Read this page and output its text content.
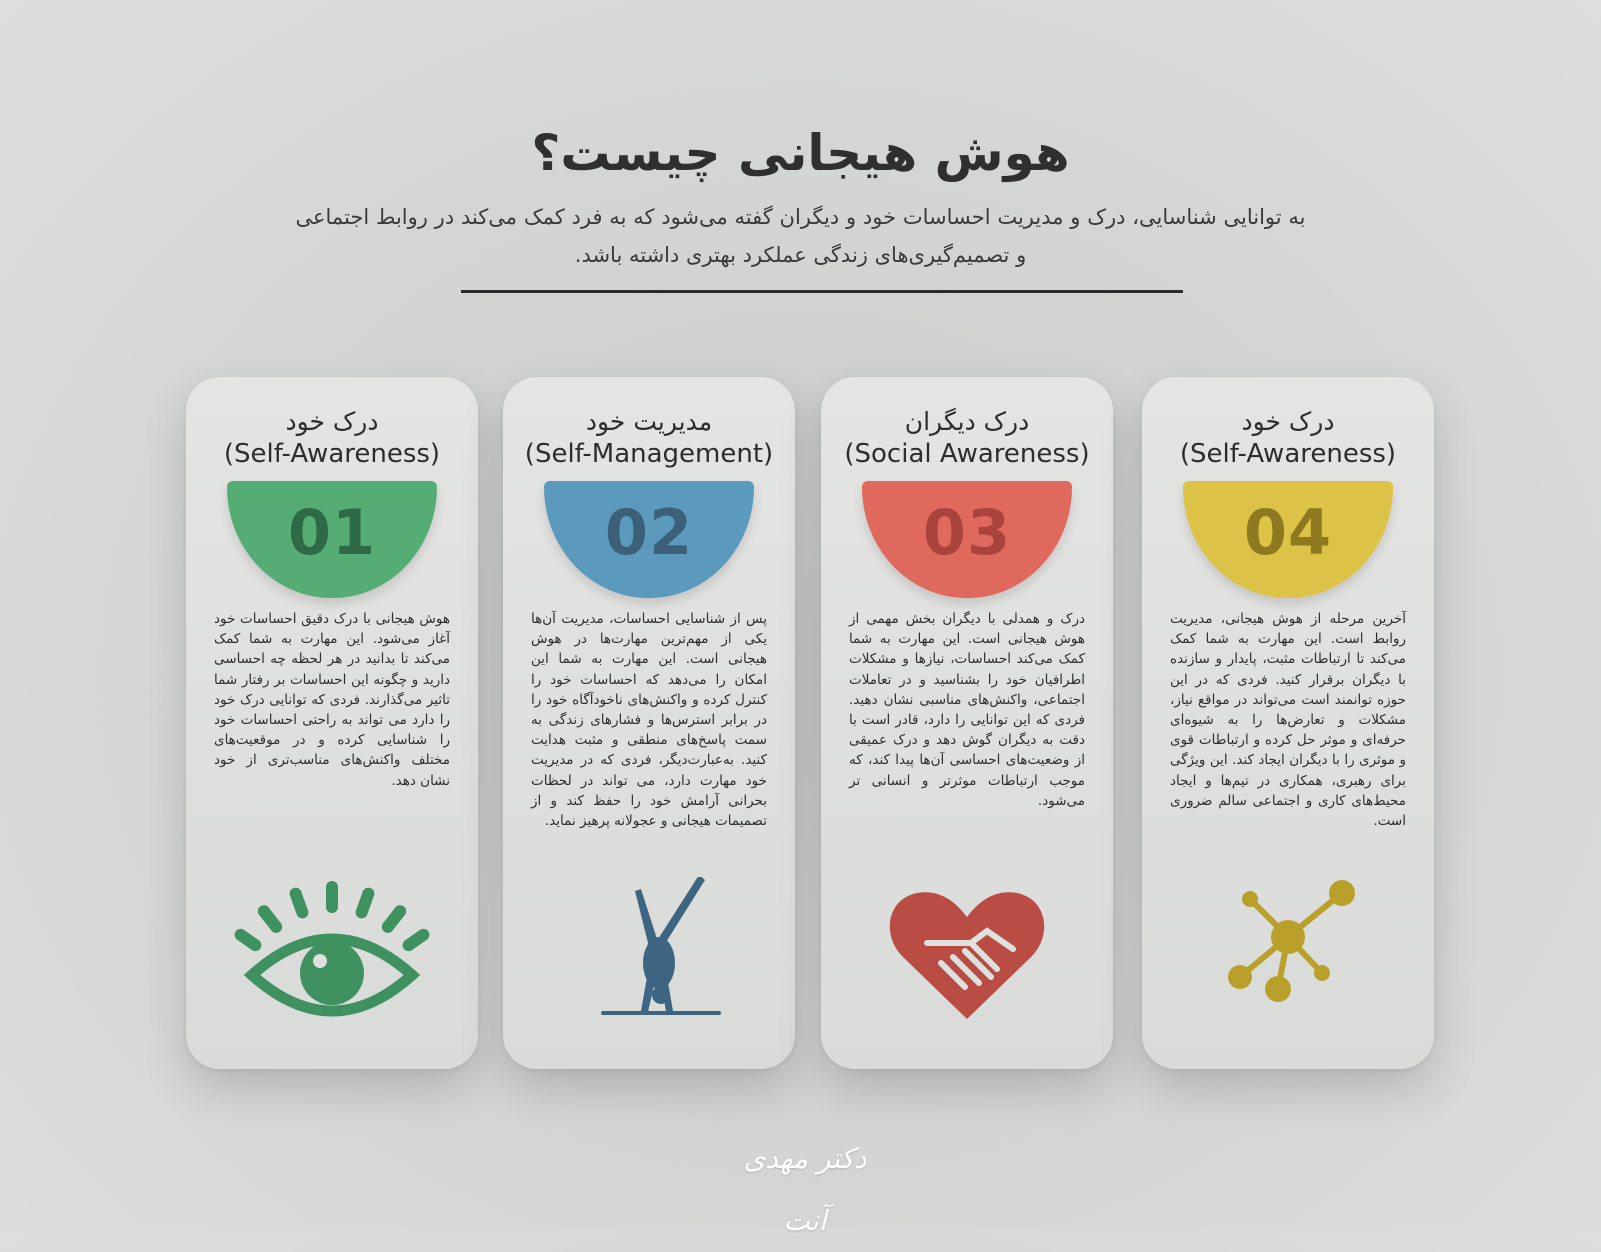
هوش هیجانی چیست؟
به توانایی شناسایی، درک و مدیریت احساسات خود و دیگران گفته می‌شود که به فرد کمک می‌کند در روابط اجتماعی و تصمیم‌گیری‌های زندگی عملکرد بهتری داشته باشد.
درک خود
(Self-Awareness)
01
هوش هیجانی با درک دقیق احساسات خود آغاز می‌شود. این مهارت به شما کمک می‌کند تا بدانید در هر لحظه چه احساسی دارید و چگونه این احساسات بر رفتار شما تاثیر می‌گذارند. فردی که توانایی درک خود را دارد می تواند به راحتی احساسات خود را شناسایی کرده و در موقعیت‌های مختلف واکنش‌های مناسب‌تری از خود نشان دهد.
مدیریت خود
(Self-Management)
02
پس از شناسایی احساسات، مدیریت آن‌ها یکی از مهم‌ترین مهارت‌ها در هوش هیجانی است. این مهارت به شما این امکان را می‌دهد که احساسات خود را کنترل کرده و واکنش‌های ناخودآگاه خود را در برابر استرس‌ها و فشارهای زندگی به سمت پاسخ‌های منطقی و مثبت هدایت کنید. به‌عبارت‌دیگر، فردی که در مدیریت خود مهارت دارد، می تواند در لحظات بحرانی آرامش خود را حفظ کند و از تصمیمات هیجانی و عجولانه پرهیز نماید.
درک دیگران
(Social Awareness)
03
درک و همدلی با دیگران بخش مهمی از هوش هیجانی است. این مهارت به شما کمک می‌کند احساسات، نیازها و مشکلات اطرافیان خود را بشناسید و در تعاملات اجتماعی، واکنش‌های مناسبی نشان دهید. فردی که این توانایی را دارد، قادر است با دقت به دیگران گوش دهد و درک عمیقی از وضعیت‌های احساسی آن‌ها پیدا کند، که موجب ارتباطات موثرتر و انسانی تر می‌شود.
درک خود
(Self-Awareness)
04
آخرین مرحله از هوش هیجانی، مدیریت روابط است. این مهارت به شما کمک می‌کند تا ارتباطات مثبت، پایدار و سازنده با دیگران برقرار کنید. فردی که در این حوزه توانمند است می‌تواند در مواقع نیاز، مشکلات و تعارض‌ها را به شیوه‌ای حرفه‌ای و موثر حل کرده و ارتباطات قوی و موثری را با دیگران ایجاد کند. این ویژگی برای رهبری، همکاری در تیم‌ها و ایجاد محیط‌های کاری و اجتماعی سالم ضروری است.
دکتر مهدی آنت
